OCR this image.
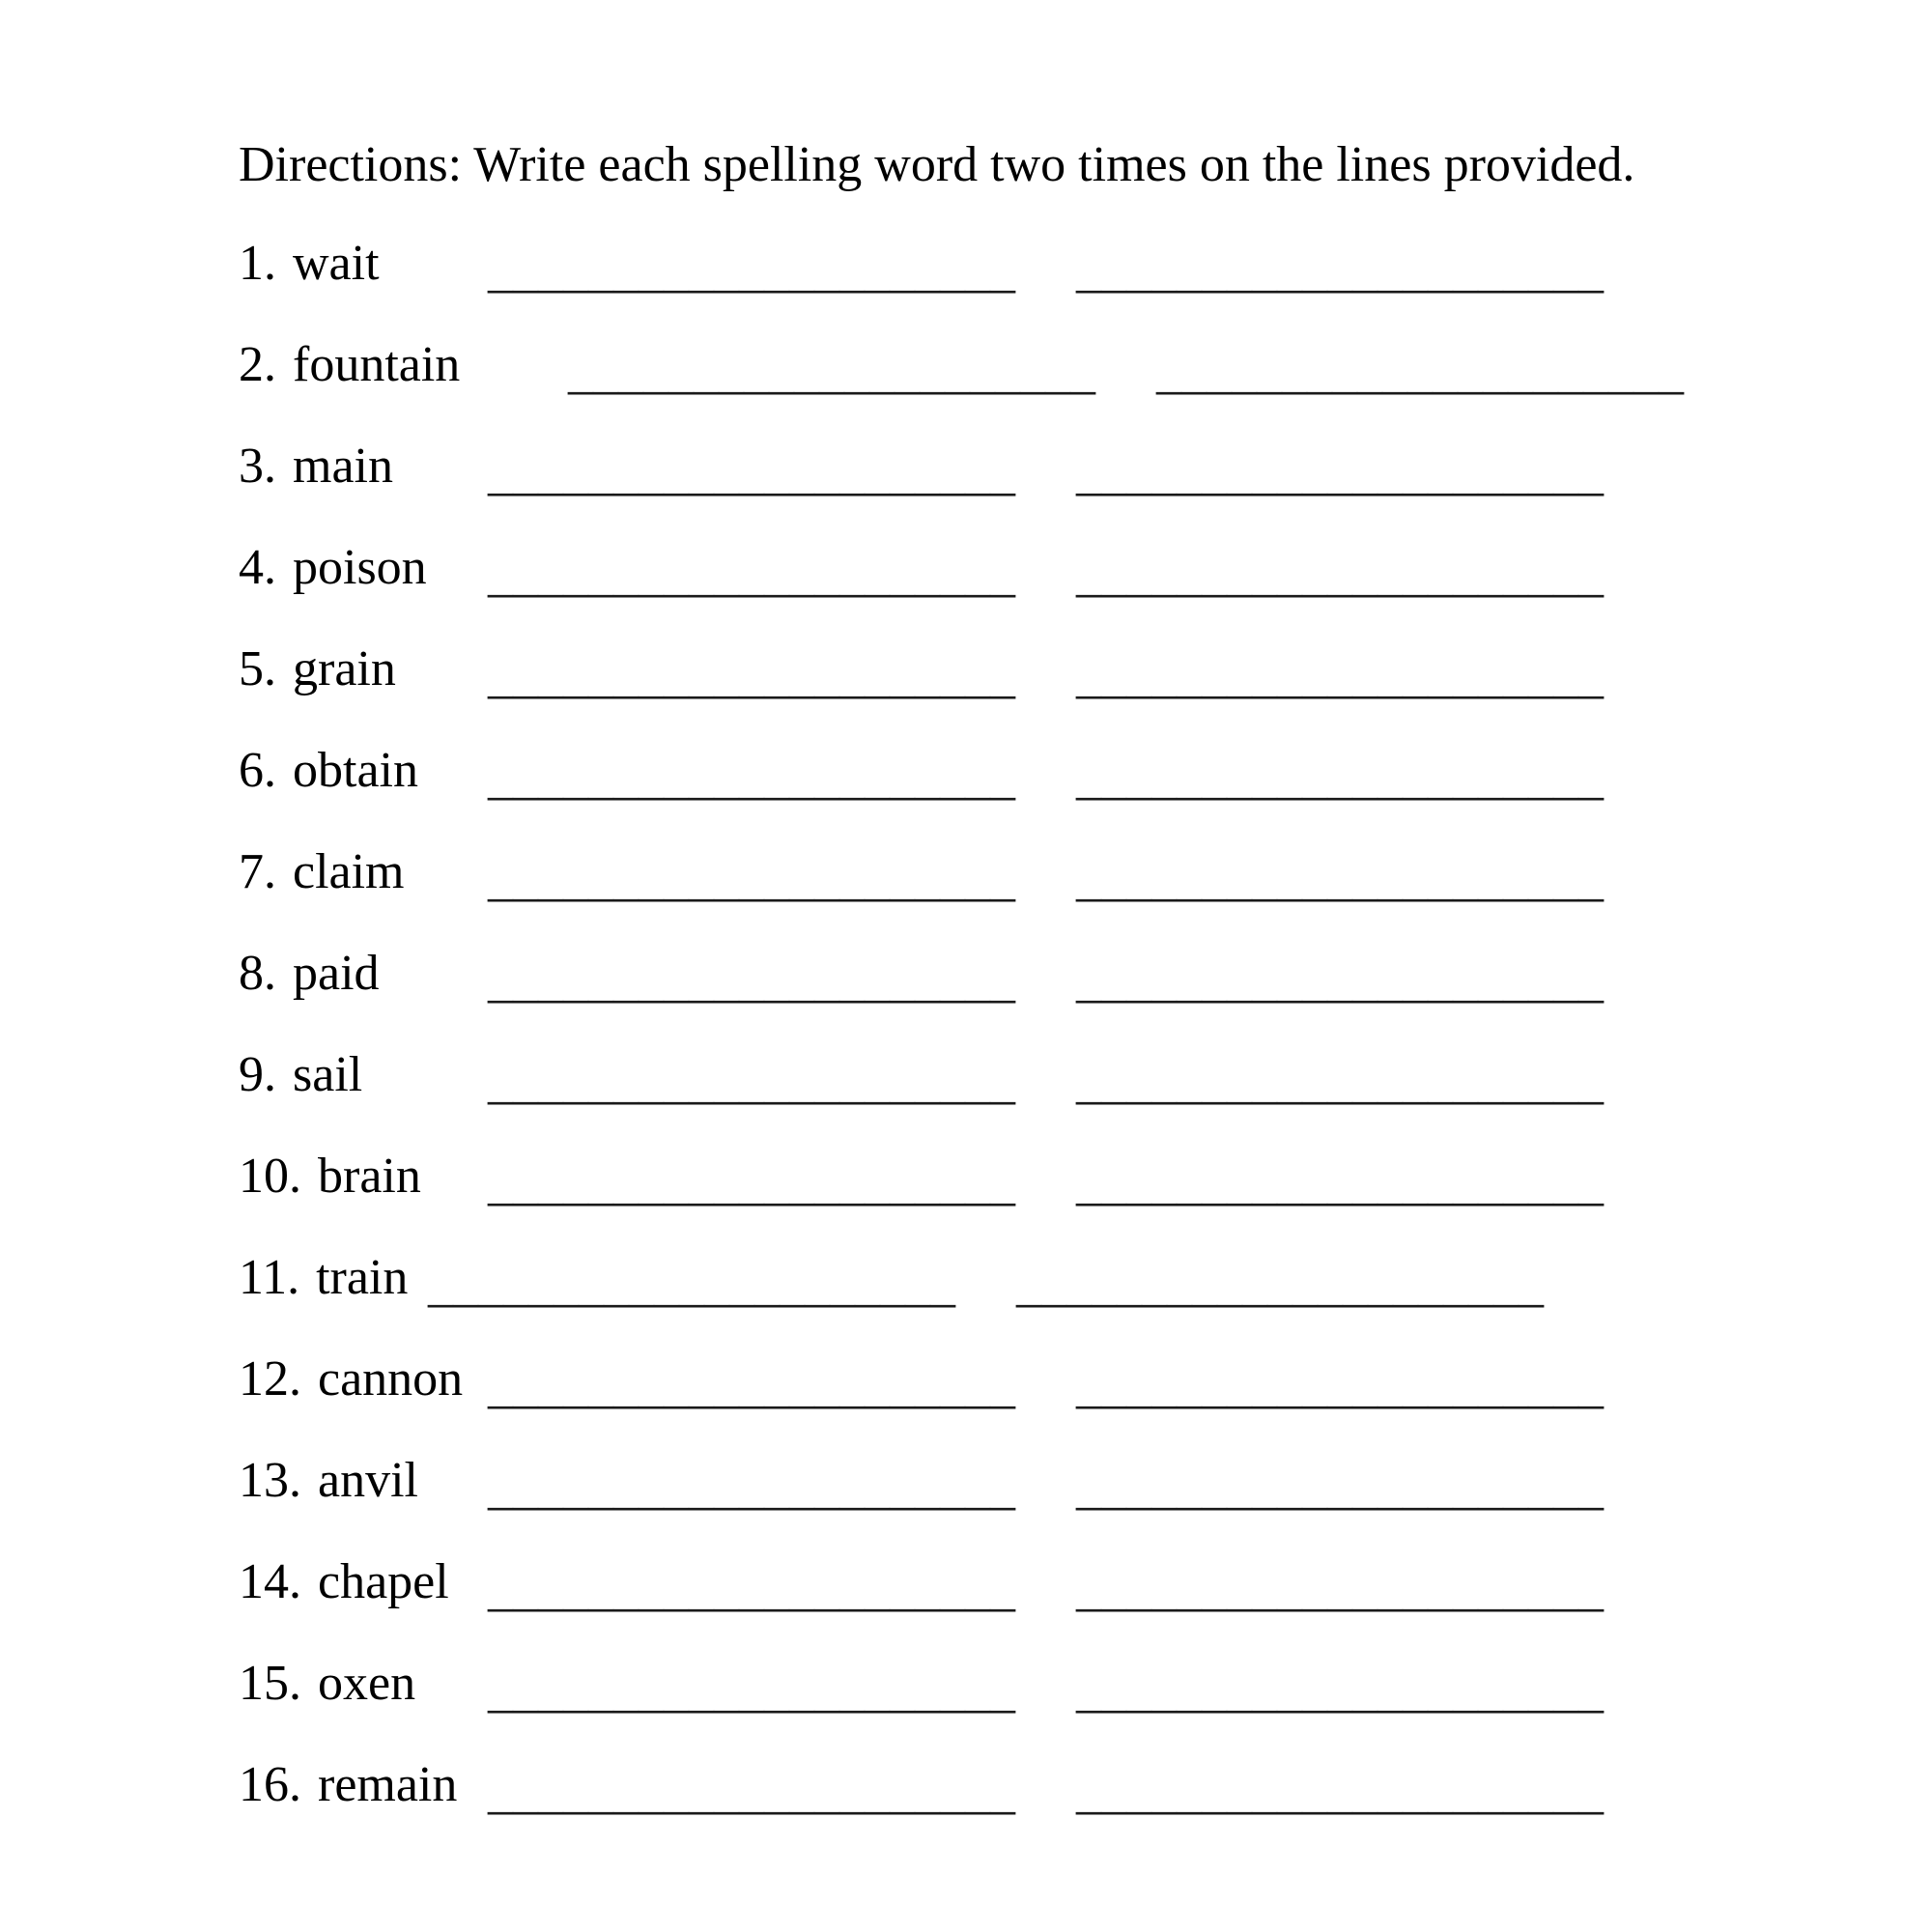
Directions: Write each spelling word two times on the lines provided.

1. wait _____________________ _____________________
2. fountain _____________________ _____________________
3. main _____________________ _____________________
4. poison _____________________ _____________________
5. grain _____________________ _____________________
6. obtain _____________________ _____________________
7. claim _____________________ _____________________
8. paid _____________________ _____________________
9. sail _____________________ _____________________
10. brain _____________________ _____________________
11. train _____________________ _____________________
12. cannon _____________________ _____________________
13. anvil _____________________ _____________________
14. chapel _____________________ _____________________
15. oxen _____________________ _____________________
16. remain _____________________ _____________________
